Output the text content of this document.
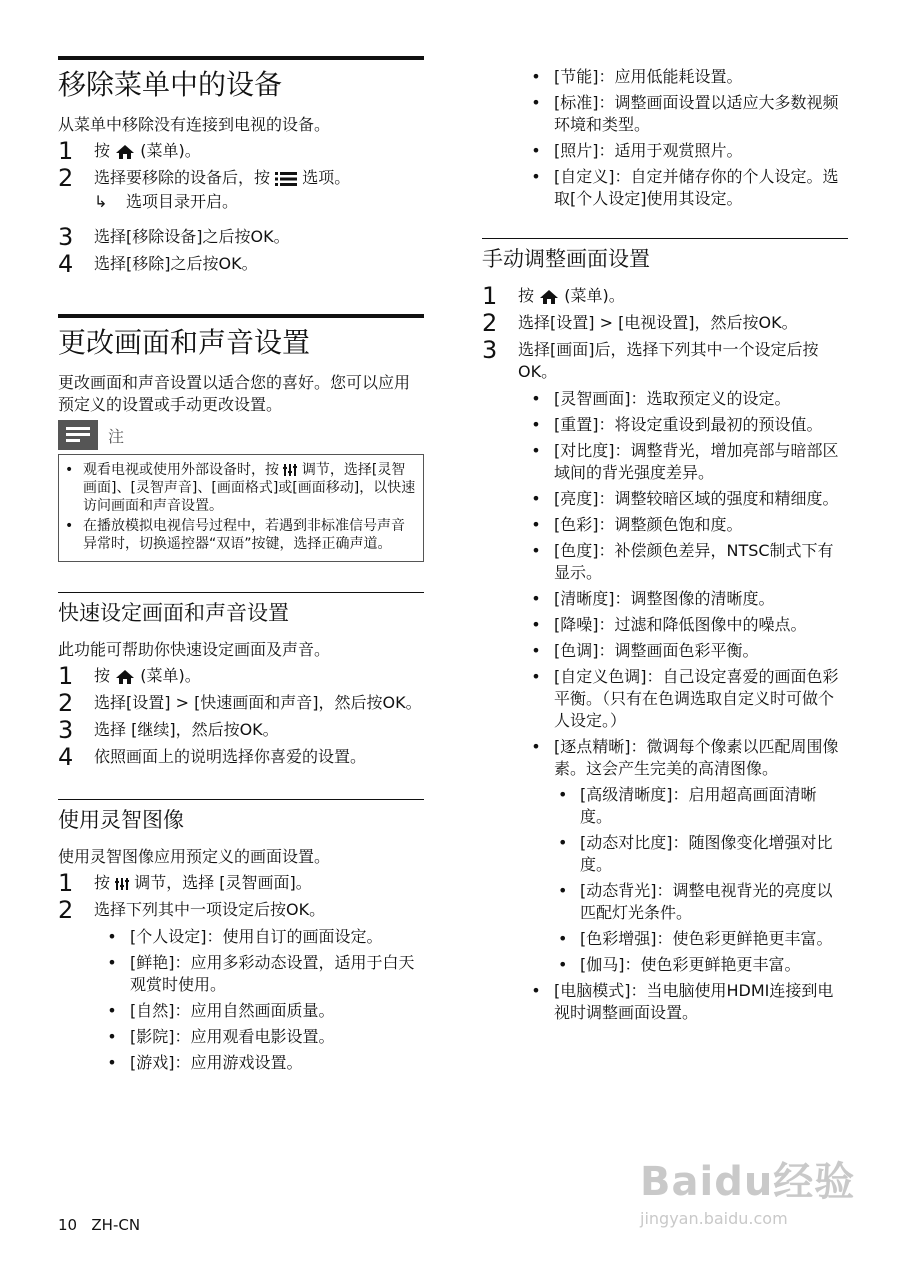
移除菜单中的设备
从菜单中移除没有连接到电视的设备。
1	按 (菜单)。
2	选择要移除的设备后，按 选项。
↳	选项目录开启。
3	选择[移除设备]之后按OK。
4	选择[移除]之后按OK。
更改画面和声音设置
更改画面和声音设置以适合您的喜好。您可以应用预定义的设置或手动更改设置。
注
• 观看电视或使用外部设备时，按 调节，选择[灵智画面]、[灵智声音]、[画面格式]或[画面移动]，以快速访问画面和声音设置。
• 在播放模拟电视信号过程中，若遇到非标准信号声音异常时，切换遥控器“双语”按键，选择正确声道。
快速设定画面和声音设置
此功能可帮助你快速设定画面及声音。
1	按 (菜单)。
2	选择[设置] > [快速画面和声音]，然后按OK。
3	选择 [继续]，然后按OK。
4	依照画面上的说明选择你喜爱的设置。
使用灵智图像
使用灵智图像应用预定义的画面设置。
1	按 调节，选择 [灵智画面]。
2	选择下列其中一项设定后按OK。
• [个人设定]：使用自订的画面设定。
• [鲜艳]：应用多彩动态设置，适用于白天观赏时使用。
• [自然]：应用自然画面质量。
• [影院]：应用观看电影设置。
• [游戏]：应用游戏设置。
• [节能]：应用低能耗设置。
• [标准]：调整画面设置以适应大多数视频环境和类型。
• [照片]：适用于观赏照片。
• [自定义]：自定并储存你的个人设定。选取[个人设定]使用其设定。
手动调整画面设置
1	按 (菜单)。
2	选择[设置] > [电视设置]，然后按OK。
3	选择[画面]后，选择下列其中一个设定后按OK。
• [灵智画面]：选取预定义的设定。
• [重置]：将设定重设到最初的预设值。
• [对比度]：调整背光，增加亮部与暗部区域间的背光强度差异。
• [亮度]：调整较暗区域的强度和精细度。
• [色彩]：调整颜色饱和度。
• [色度]：补偿颜色差异，NTSC制式下有显示。
• [清晰度]：调整图像的清晰度。
• [降噪]：过滤和降低图像中的噪点。
• [色调]：调整画面色彩平衡。
• [自定义色调]：自己设定喜爱的画面色彩平衡。（只有在色调选取自定义时可做个人设定。）
• [逐点精晰]：微调每个像素以匹配周围像素。这会产生完美的高清图像。
• [高级清晰度]：启用超高画面清晰度。
• [动态对比度]：随图像变化增强对比度。
• [动态背光]：调整电视背光的亮度以匹配灯光条件。
• [色彩增强]：使色彩更鲜艳更丰富。
• [伽马]：使色彩更鲜艳更丰富。
• [电脑模式]：当电脑使用HDMI连接到电视时调整画面设置。
10 ZH-CN
Baidu经验
jingyan.baidu.com
